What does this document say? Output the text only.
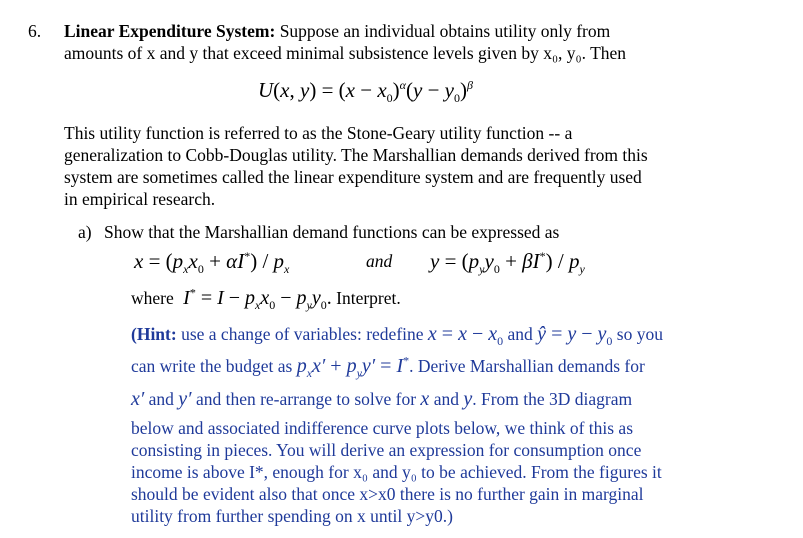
6. Linear Expenditure System: Suppose an individual obtains utility only from
amounts of x and y that exceed minimal subsistence levels given by x₀, y₀. Then
U(x, $y) = (x - x_0)^\alpha(y - y_0)^\beta$
This utility function is referred to as the Stone-Geary utility function -- a
generalization to Cobb-Douglas utility. The Marshallian demands derived from this
system are sometimes called the linear expenditure system and are frequently used
in empirical research.
a) Show that the Marshallian demand functions can be expressed as
$x = (p_xx_0 + \alpha I^*) / p_x$	and $y = (p_yy_0 + \beta I^*) / p_y$
where  $I^* = I - p_xx_0 - p_yy_0$. Interpret.
(Hint: use a change of variables: redefine $x = x - x_0$ and ŷ = $y - y_0$ so you
can write the budget as $p_xx' + p_yy' = I^*$. Derive Marshallian demands for
x′ and y′ and then re-arrange to solve for x and y. From the 3D diagram
below and associated indifference curve plots below, we think of this as
consisting in pieces. You will derive an expression for consumption once
income is above I*, enough for x₀ and y₀ to be achieved. From the figures it
should be evident also that once x>x0 there is no further gain in marginal
utility from further spending on x until y>y0.)
